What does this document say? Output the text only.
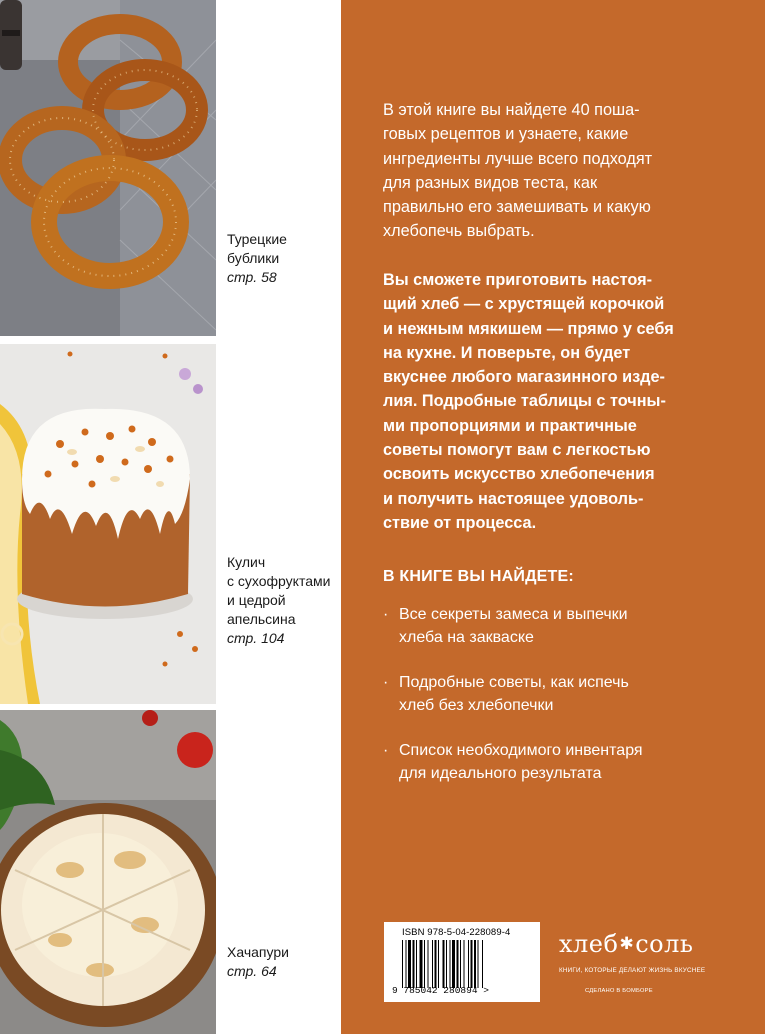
Турецкие
бублики
стр. 58
Кулич
с сухофруктами
и цедрой
апельсина
стр. 104
Хачапури
стр. 64

В этой книге вы найдете 40 поша-
говых рецептов и узнаете, какие
ингредиенты лучше всего подходят
для разных видов теста, как
правильно его замешивать и какую
хлебопечь выбрать.

Вы сможете приготовить настоя-
щий хлеб — с хрустящей корочкой
и нежным мякишем — прямо у себя
на кухне. И поверьте, он будет
вкуснее любого магазинного изде-
лия. Подробные таблицы с точны-
ми пропорциями и практичные
советы помогут вам с легкостью
освоить искусство хлебопечения
и получить настоящее удоволь-
ствие от процесса.

В КНИГЕ ВЫ НАЙДЕТЕ:
· Все секреты замеса и выпечки
хлеба на закваске
· Подробные советы, как испечь
хлеб без хлебопечки
· Список необходимого инвентаря
для идеального результата
ISBN 978-5-04-228089-4
9 785042 280894 >
хлеб✱соль
КНИГИ, КОТОРЫЕ ДЕЛАЮТ ЖИЗНЬ ВКУСНЕЕ
СДЕЛАНО В БОМБОРЕ
